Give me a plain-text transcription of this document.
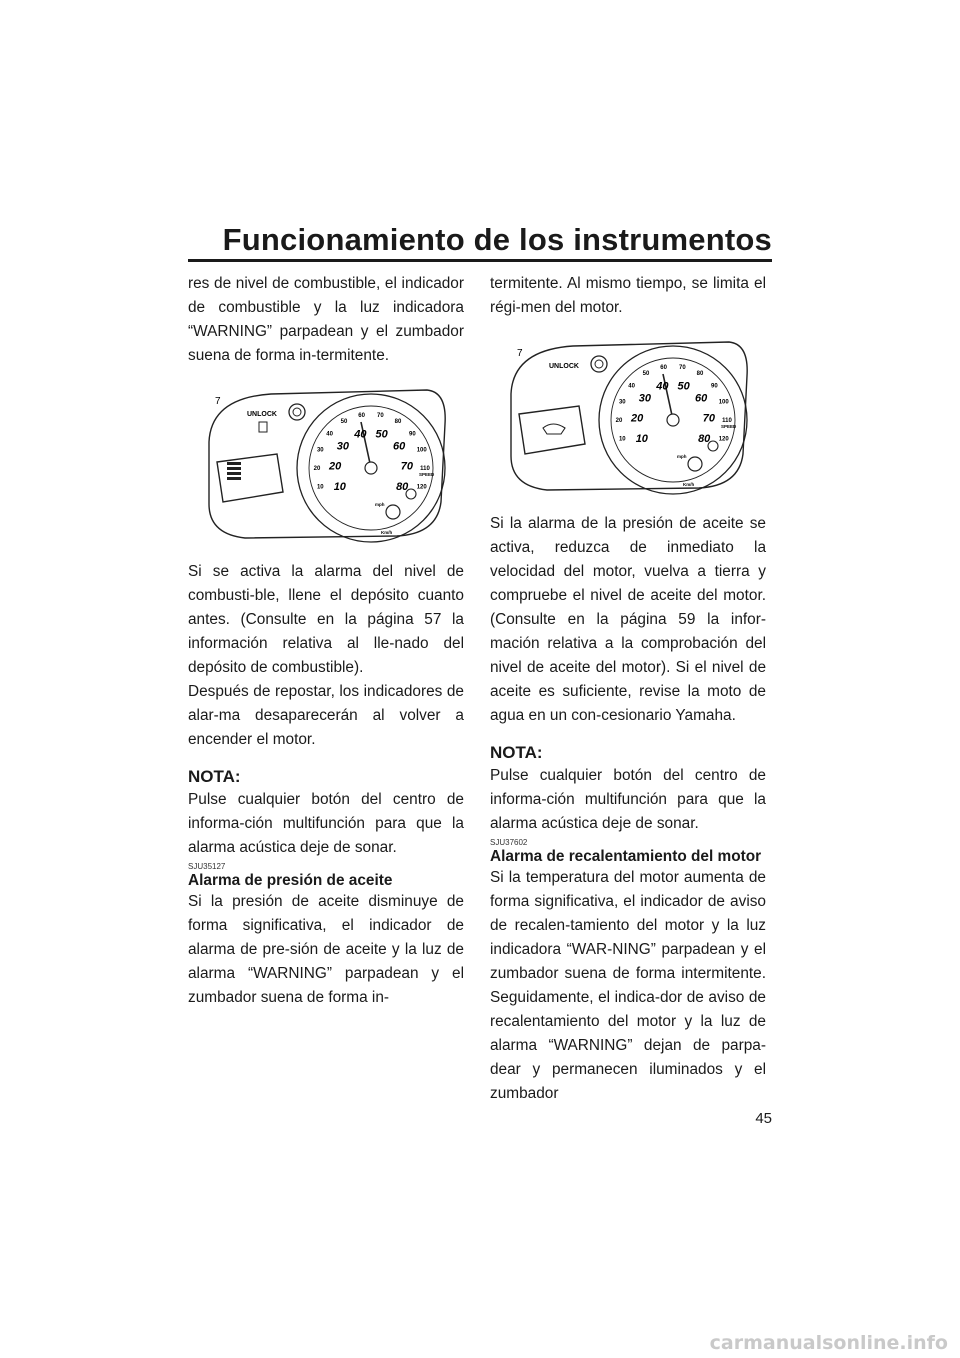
Funcionamiento de los instrumentos

res de nivel de combustible, el indicador de combustible y la luz indicadora “WARNING” parpadean y el zumbador suena de forma in-termitente.

UNLOCK
7
10
20
30
40
50
60 70
80
90
100
110
120
10
20
30
40 50
60
70
80
SPEED
Km/h
mph

Si se activa la alarma del nivel de combusti-ble, llene el depósito cuanto antes. (Consulte en la página 57 la información relativa al lle-nado del depósito de combustible).

Después de repostar, los indicadores de alar-ma desaparecerán al volver a encender el motor.

NOTA:

Pulse cualquier botón del centro de informa-ción multifunción para que la alarma acústica deje de sonar.

SJU35127
Alarma de presión de aceite

Si la presión de aceite disminuye de forma significativa, el indicador de alarma de pre-sión de aceite y la luz de alarma “WARNING” parpadean y el zumbador suena de forma in-

termitente. Al mismo tiempo, se limita el régi-men del motor.

UNLOCK
7
10
20
30
40
50
60 70
80
90
100
110
120
10
20
30
40 50
60
70
80
SPEED
Km/h
mph

Si la alarma de la presión de aceite se activa, reduzca de inmediato la velocidad del motor, vuelva a tierra y compruebe el nivel de aceite del motor. (Consulte en la página 59 la infor-mación relativa a la comprobación del nivel de aceite del motor). Si el nivel de aceite es suficiente, revise la moto de agua en un con-cesionario Yamaha.

NOTA:

Pulse cualquier botón del centro de informa-ción multifunción para que la alarma acústica deje de sonar.

SJU37602
Alarma de recalentamiento del motor

Si la temperatura del motor aumenta de forma significativa, el indicador de aviso de recalen-tamiento del motor y la luz indicadora “WAR-NING” parpadean y el zumbador suena de forma intermitente. Seguidamente, el indica-dor de aviso de recalentamiento del motor y la luz de alarma “WARNING” dejan de parpa-dear y permanecen iluminados y el zumbador

45
carmanualsonline.info
